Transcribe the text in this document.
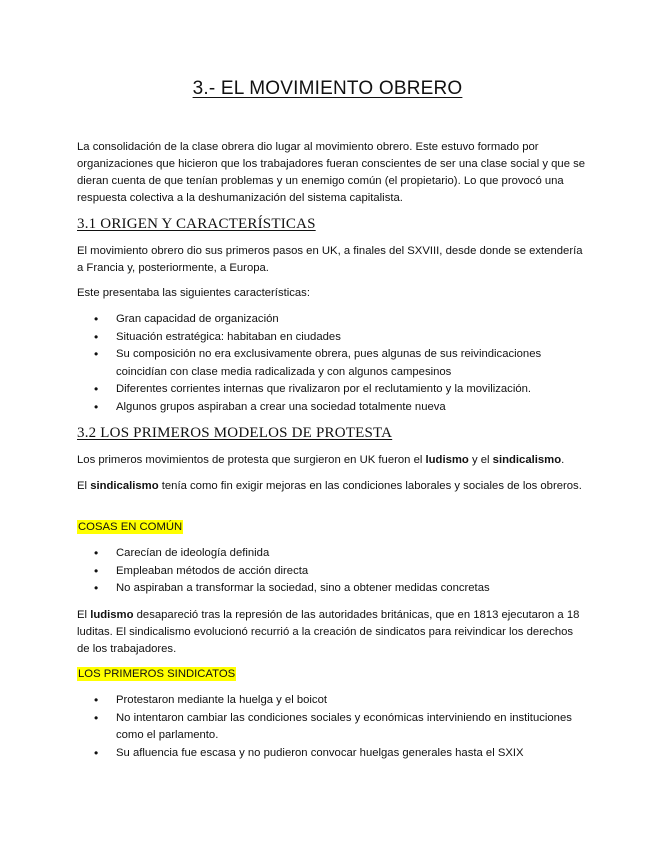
3.- EL MOVIMIENTO OBRERO

La consolidación de la clase obrera dio lugar al movimiento obrero. Este estuvo formado por organizaciones que hicieron que los trabajadores fueran conscientes de ser una clase social y que se dieran cuenta de que tenían problemas y un enemigo común (el propietario). Lo que provocó una respuesta colectiva a la deshumanización del sistema capitalista.

3.1 ORIGEN Y CARACTERÍSTICAS

El movimiento obrero dio sus primeros pasos en UK, a finales del SXVIII, desde donde se extendería a Francia y, posteriormente, a Europa.

Este presentaba las siguientes características:

• Gran capacidad de organización
• Situación estratégica: habitaban en ciudades
• Su composición no era exclusivamente obrera, pues algunas de sus reivindicaciones coincidían con clase media radicalizada y con algunos campesinos
• Diferentes corrientes internas que rivalizaron por el reclutamiento y la movilización.
• Algunos grupos aspiraban a crear una sociedad totalmente nueva
3.2 LOS PRIMEROS MODELOS DE PROTESTA

Los primeros movimientos de protesta que surgieron en UK fueron el ludismo y el sindicalismo.

El sindicalismo tenía como fin exigir mejoras en las condiciones laborales y sociales de los obreros.

COSAS EN COMÚN
• Carecían de ideología definida
• Empleaban métodos de acción directa
• No aspiraban a transformar la sociedad, sino a obtener medidas concretas

El ludismo desapareció tras la represión de las autoridades británicas, que en 1813 ejecutaron a 18 luditas. El sindicalismo evolucionó recurrió a la creación de sindicatos para reivindicar los derechos de los trabajadores.

LOS PRIMEROS SINDICATOS
• Protestaron mediante la huelga y el boicot
• No intentaron cambiar las condiciones sociales y económicas interviniendo en instituciones como el parlamento.
• Su afluencia fue escasa y no pudieron convocar huelgas generales hasta el SXIX
